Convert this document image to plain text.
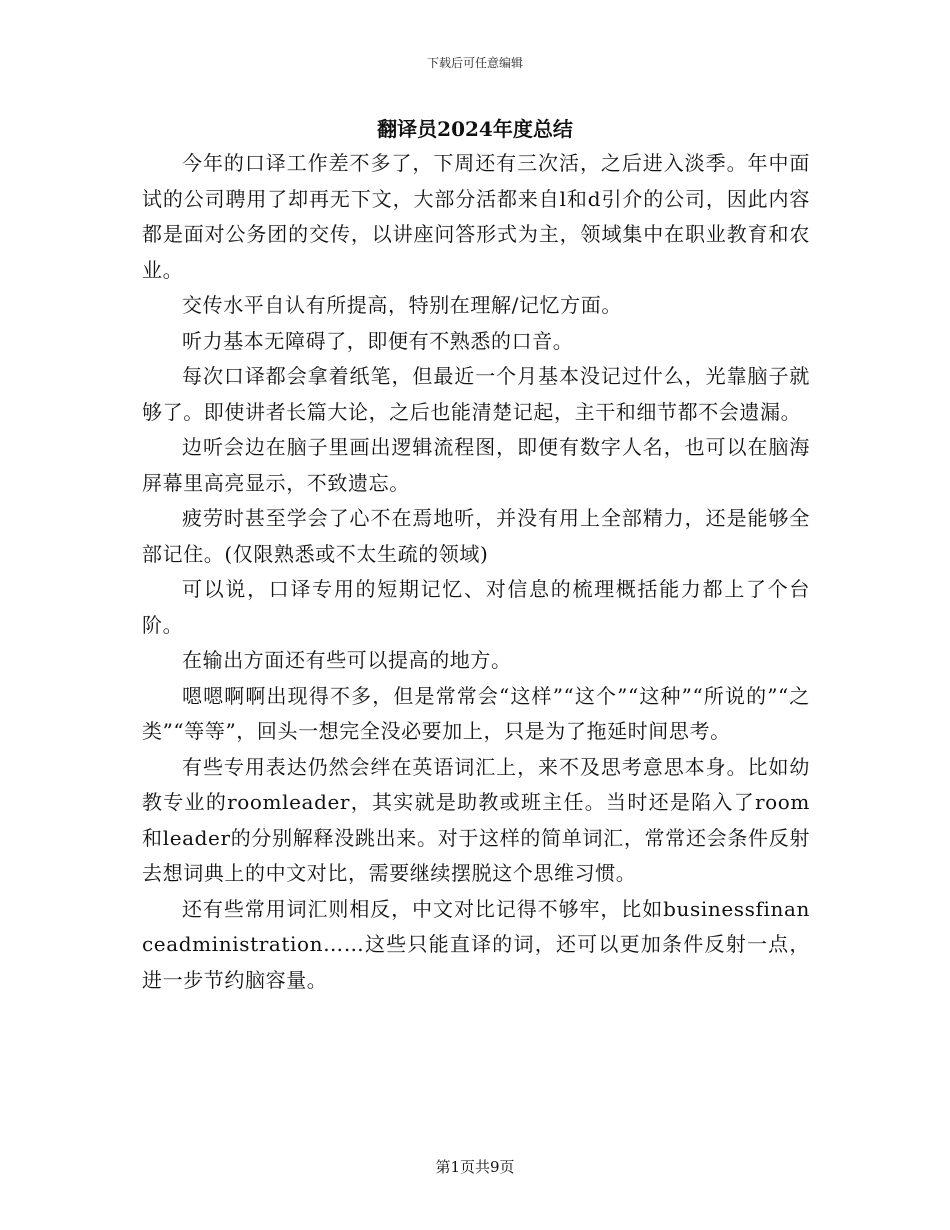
下载后可任意编辑
翻译员2024年度总结

今年的口译工作差不多了，下周还有三次活，之后进入淡季。年中面试的公司聘用了却再无下文，大部分活都来自l和d引介的公司，因此内容都是面对公务团的交传，以讲座问答形式为主，领域集中在职业教育和农业。

交传水平自认有所提高，特别在理解/记忆方面。

听力基本无障碍了，即便有不熟悉的口音。

每次口译都会拿着纸笔，但最近一个月基本没记过什么，光靠脑子就够了。即使讲者长篇大论，之后也能清楚记起，主干和细节都不会遗漏。

边听会边在脑子里画出逻辑流程图，即便有数字人名，也可以在脑海屏幕里高亮显示，不致遗忘。

疲劳时甚至学会了心不在焉地听，并没有用上全部精力，还是能够全部记住。(仅限熟悉或不太生疏的领域)

可以说，口译专用的短期记忆、对信息的梳理概括能力都上了个台阶。

在输出方面还有些可以提高的地方。

嗯嗯啊啊出现得不多，但是常常会“这样”“这个”“这种”“所说的”“之类”“等等”，回头一想完全没必要加上，只是为了拖延时间思考。

有些专用表达仍然会绊在英语词汇上，来不及思考意思本身。比如幼教专业的roomleader，其实就是助教或班主任。当时还是陷入了room和leader的分别解释没跳出来。对于这样的简单词汇，常常还会条件反射去想词典上的中文对比，需要继续摆脱这个思维习惯。

还有些常用词汇则相反，中文对比记得不够牢，比如businessfinanceadministration……这些只能直译的词，还可以更加条件反射一点，进一步节约脑容量。

第1页共9页
